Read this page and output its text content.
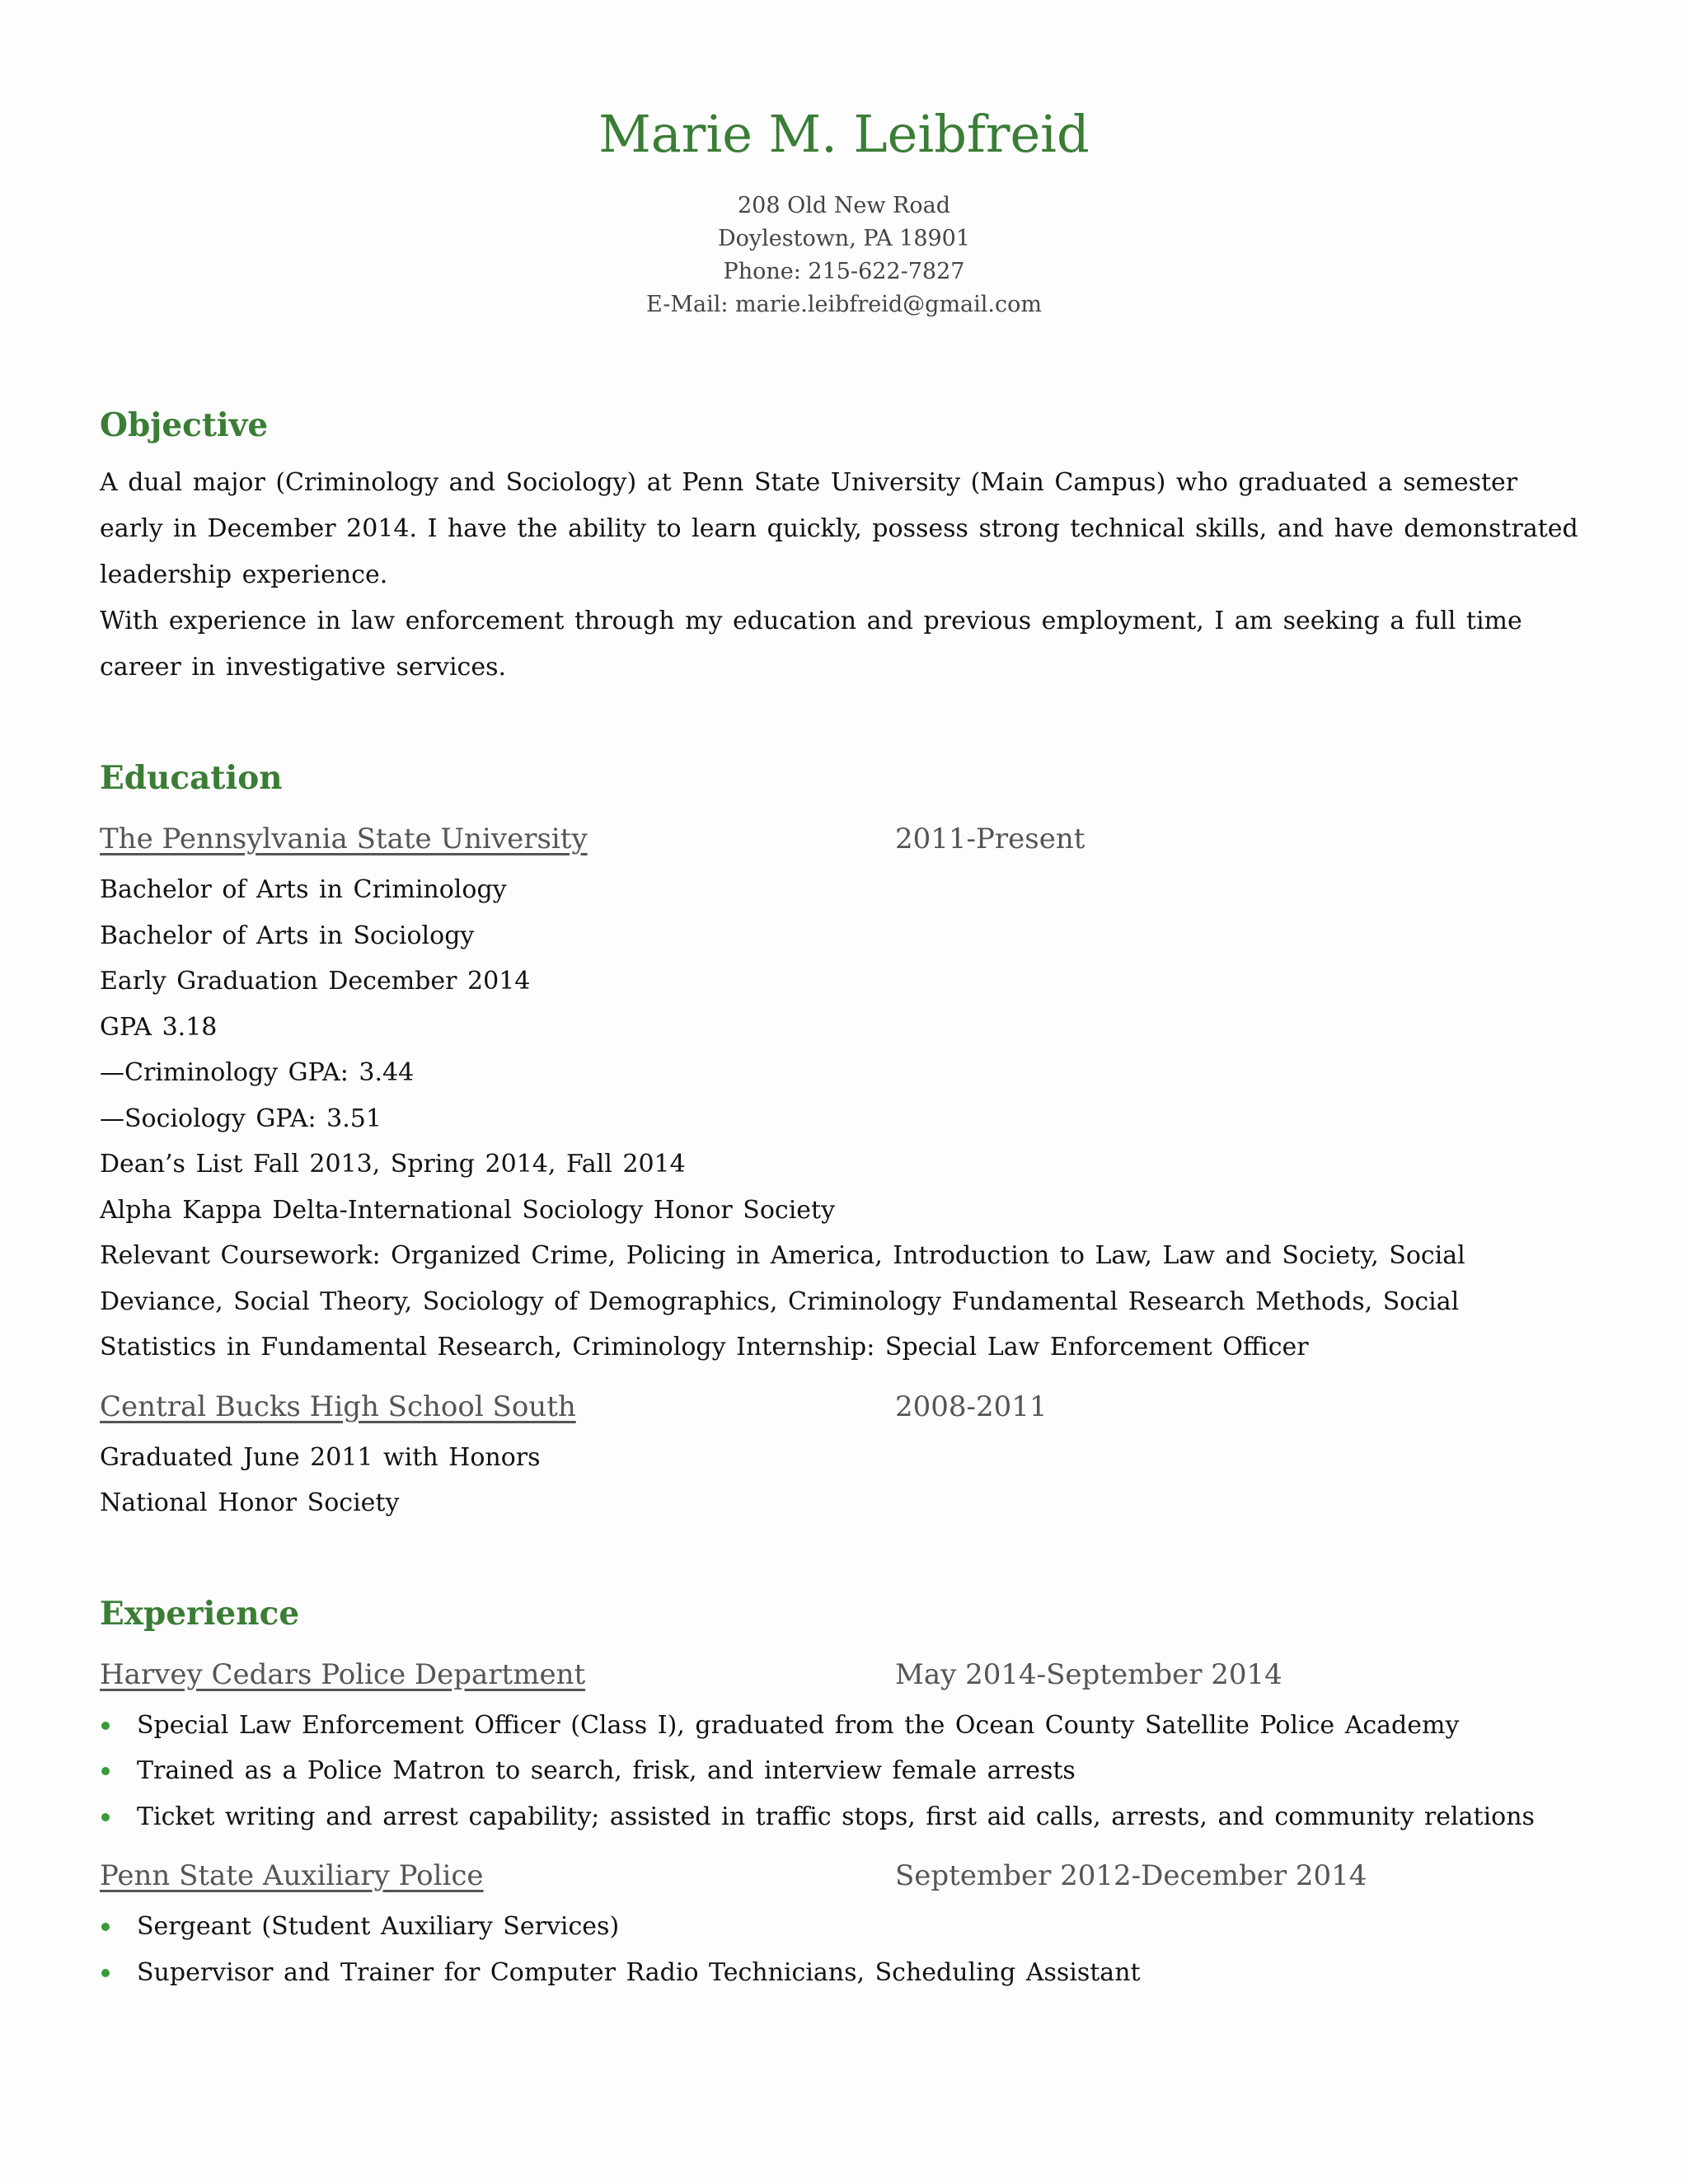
Marie M. Leibfreid
208 Old New Road
Doylestown, PA 18901
Phone: 215-622-7827
E-Mail: marie.leibfreid@gmail.com
Objective

A dual major (Criminology and Sociology) at Penn State University (Main Campus) who graduated a semester early in December 2014. I have the ability to learn quickly, possess strong technical skills, and have demonstrated leadership experience.

With experience in law enforcement through my education and previous employment, I am seeking a full time career in investigative services.

Education
The Pennsylvania State University	2011-Present
Bachelor of Arts in Criminology
Bachelor of Arts in Sociology
Early Graduation December 2014
GPA 3.18
—Criminology GPA: 3.44
—Sociology GPA: 3.51
Dean’s List Fall 2013, Spring 2014, Fall 2014
Alpha Kappa Delta-International Sociology Honor Society
Relevant Coursework: Organized Crime, Policing in America, Introduction to Law, Law and Society, Social Deviance, Social Theory, Sociology of Demographics, Criminology Fundamental Research Methods, Social Statistics in Fundamental Research, Criminology Internship: Special Law Enforcement Officer
Central Bucks High School South	2008-2011
Graduated June 2011 with Honors
National Honor Society
Experience
Harvey Cedars Police Department	May 2014-September 2014
Special Law Enforcement Officer (Class I), graduated from the Ocean County Satellite Police Academy
Trained as a Police Matron to search, frisk, and interview female arrests
Ticket writing and arrest capability; assisted in traffic stops, first aid calls, arrests, and community relations
Penn State Auxiliary Police	September 2012-December 2014
Sergeant (Student Auxiliary Services)
Supervisor and Trainer for Computer Radio Technicians, Scheduling Assistant
